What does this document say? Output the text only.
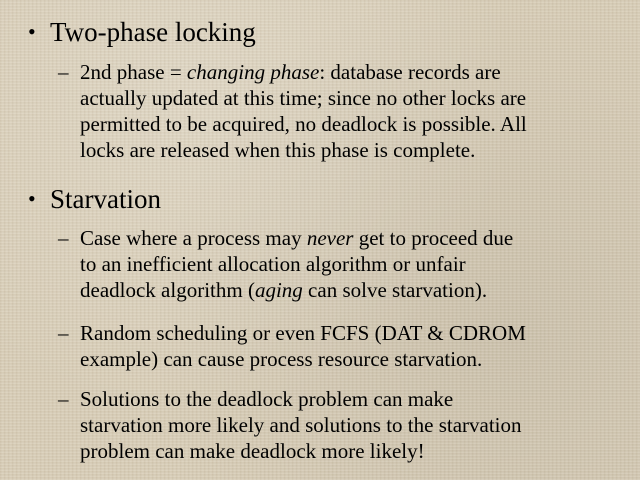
• Two-phase locking
– 2nd phase = changing phase: database records are
actually updated at this time; since no other locks are
permitted to be acquired, no deadlock is possible. All
locks are released when this phase is complete.
• Starvation
– Case where a process may never get to proceed due
to an inefficient allocation algorithm or unfair
deadlock algorithm (aging can solve starvation).
– Random scheduling or even FCFS (DAT & CDROM
example) can cause process resource starvation.
– Solutions to the deadlock problem can make
starvation more likely and solutions to the starvation
problem can make deadlock more likely!
